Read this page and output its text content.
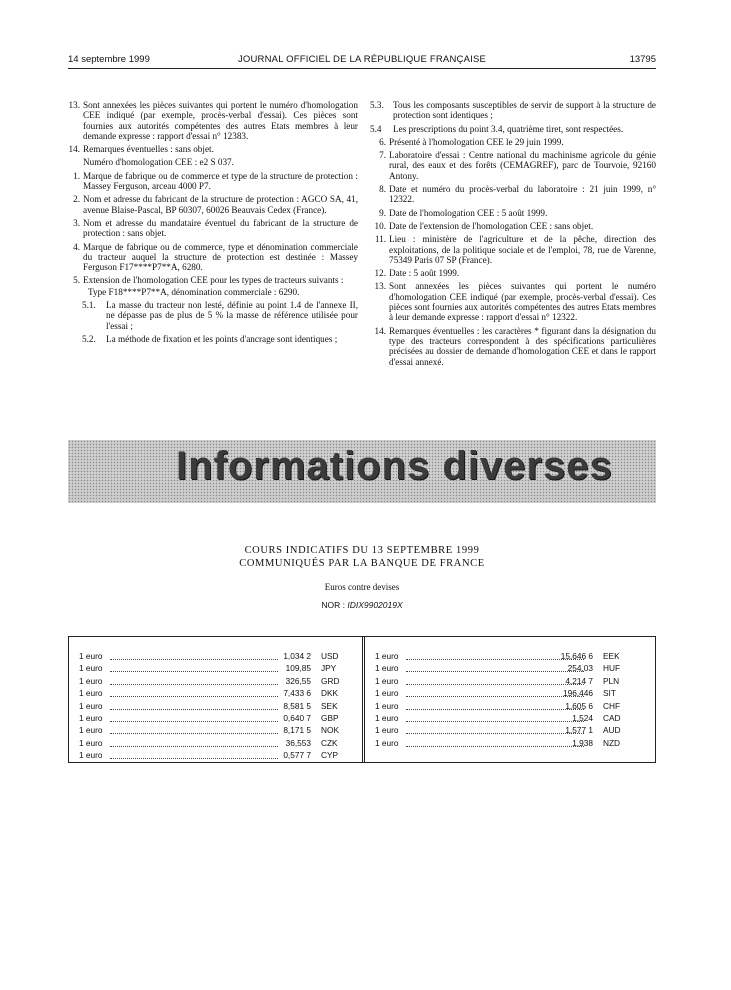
14 septembre 1999	JOURNAL OFFICIEL DE LA RÉPUBLIQUE FRANÇAISE	13795
13. Sont annexées les pièces suivantes qui portent le numéro d'homologation CEE indiqué (par exemple, procès-verbal d'essai). Ces pièces sont fournies aux autorités compétentes des autres Etats membres à leur demande expresse : rapport d'essai n° 12383.
14. Remarques éventuelles : sans objet.
Numéro d'homologation CEE : e2 S 037.
1. Marque de fabrique ou de commerce et type de la structure de protection : Massey Ferguson, arceau 4000 P7.
2. Nom et adresse du fabricant de la structure de protection : AGCO SA, 41, avenue Blaise-Pascal, BP 60307, 60026 Beauvais Cedex (France).
3. Nom et adresse du mandataire éventuel du fabricant de la structure de protection : sans objet.
4. Marque de fabrique ou de commerce, type et dénomination commerciale du tracteur auquel la structure de protection est destinée : Massey Ferguson F17****P7**A, 6280.
5. Extension de l'homologation CEE pour les types de tracteurs suivants :
Type F18****P7**A, dénomination commerciale : 6290.
5.1.	La masse du tracteur non lesté, définie au point 1.4 de l'annexe II, ne dépasse pas de plus de 5 % la masse de référence utilisée pour l'essai ;
5.2.	La méthode de fixation et les points d'ancrage sont identiques ;
5.3.	Tous les composants susceptibles de servir de support à la structure de protection sont identiques ;
5.4	Les prescriptions du point 3.4, quatrième tiret, sont respectées.
6. Présenté à l'homologation CEE le 29 juin 1999.
7. Laboratoire d'essai : Centre national du machinisme agricole du génie rural, des eaux et des forêts (CEMAGREF), parc de Tourvoie, 92160 Antony.
8. Date et numéro du procès-verbal du laboratoire : 21 juin 1999, n° 12322.
9. Date de l'homologation CEE : 5 août 1999.
10. Date de l'extension de l'homologation CEE : sans objet.
11. Lieu : ministère de l'agriculture et de la pêche, direction des exploitations, de la politique sociale et de l'emploi, 78, rue de Varenne, 75349 Paris 07 SP (France).
12. Date : 5 août 1999.
13. Sont annexées les pièces suivantes qui portent le numéro d'homologation CEE indiqué (par exemple, procès-verbal d'essai). Ces pièces sont fournies aux autorités compétentes des autres Etats membres à leur demande expresse : rapport d'essai n° 12322.
14. Remarques éventuelles : les caractères * figurant dans la désignation du type des tracteurs correspondent à des spécifications particulières précisées au dossier de demande d'homologation CEE et dans le rapport d'essai annexé.
Informations diverses
COURS INDICATIFS DU 13 SEPTEMBRE 1999
COMMUNIQUÉS PAR LA BANQUE DE FRANCE
Euros contre devises
NOR : IDIX9902019X
1 euro	1,034 2 USD
1 euro	109,85 JPY
1 euro	326,55 GRD
1 euro	7,433 6 DKK
1 euro	8,581 5 SEK
1 euro	0,640 7 GBP
1 euro	8,171 5 NOK
1 euro	36,553 CZK
1 euro	0,577 7 CYP
1 euro	15,646 6 EEK
1 euro	254,03 HUF
1 euro	4,214 7 PLN
1 euro	196,446 SIT
1 euro	1,605 6 CHF
1 euro	1,524 CAD
1 euro	1,577 1 AUD
1 euro	1,938 NZD
